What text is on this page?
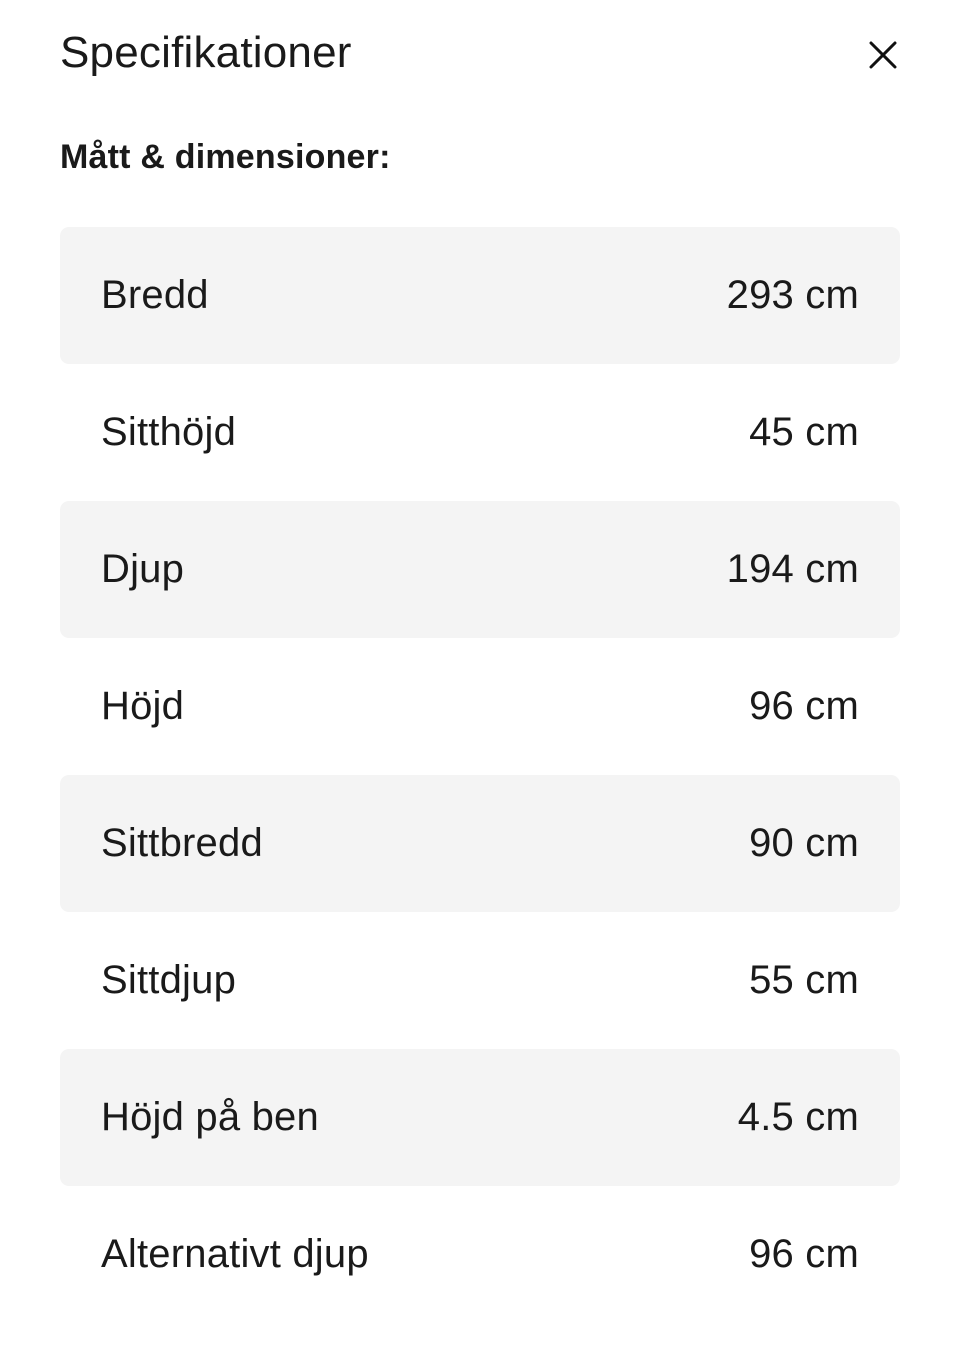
Specifikationer
Mått & dimensioner:
Bredd	293 cm
Sitthöjd	45 cm
Djup	194 cm
Höjd	96 cm
Sittbredd	90 cm
Sittdjup	55 cm
Höjd på ben	4.5 cm
Alternativt djup	96 cm
